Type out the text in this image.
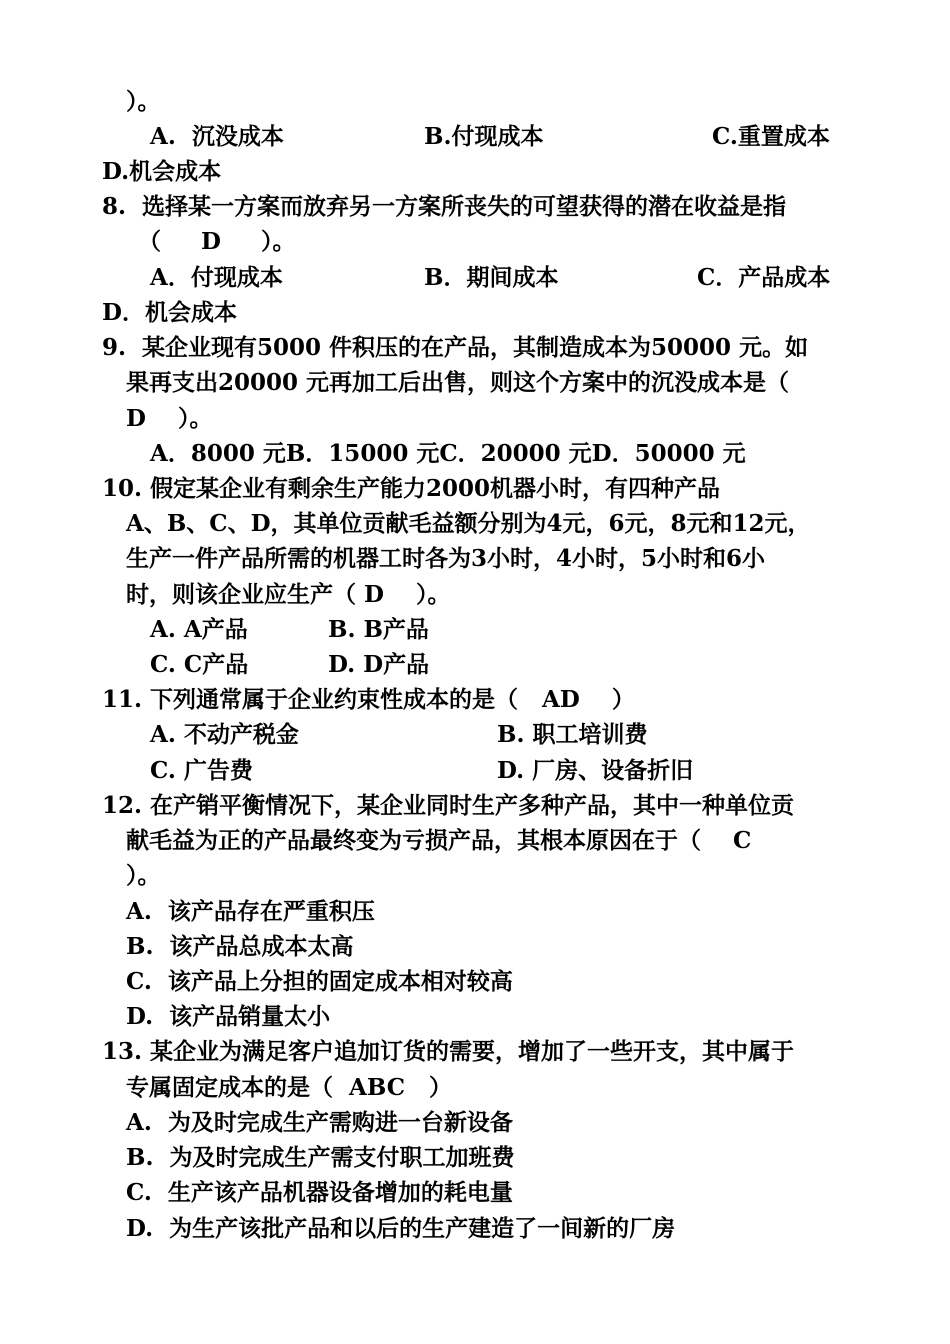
）。
A.  沉没成本	B.付现成本	C.重置成本
D.机会成本
8.  选择某一方案而放弃另一方案所丧失的可望获得的潜在收益是指
（     D     ）。
A．付现成本	B．期间成本	C．产品成本
D．机会成本
9.  某企业现有5000 件积压的在产品，其制造成本为50000 元。如
果再支出20000 元再加工后出售，则这个方案中的沉没成本是（
D    ）。
A．8000 元B．15000 元C．20000 元D．50000 元
10. 假定某企业有剩余生产能力2000机器小时，有四种产品
A、B、C、D，其单位贡献毛益额分别为4元，6元，8元和12元，
生产一件产品所需的机器工时各为3小时，4小时，5小时和6小
时，则该企业应生产（ D    ）。
A. A产品	B. B产品
C. C产品	D. D产品
11. 下列通常属于企业约束性成本的是（   AD    ）
A. 不动产税金	B. 职工培训费
C. 广告费	D. 厂房、设备折旧
12. 在产销平衡情况下，某企业同时生产多种产品，其中一种单位贡
献毛益为正的产品最终变为亏损产品，其根本原因在于（    C
）。
A.  该产品存在严重积压
B.  该产品总成本太高
C.  该产品上分担的固定成本相对较高
D.  该产品销量太小
13. 某企业为满足客户追加订货的需要，增加了一些开支，其中属于
专属固定成本的是（  ABC   ）
A.  为及时完成生产需购进一台新设备
B.  为及时完成生产需支付职工加班费
C.  生产该产品机器设备增加的耗电量
D.  为生产该批产品和以后的生产建造了一间新的厂房
